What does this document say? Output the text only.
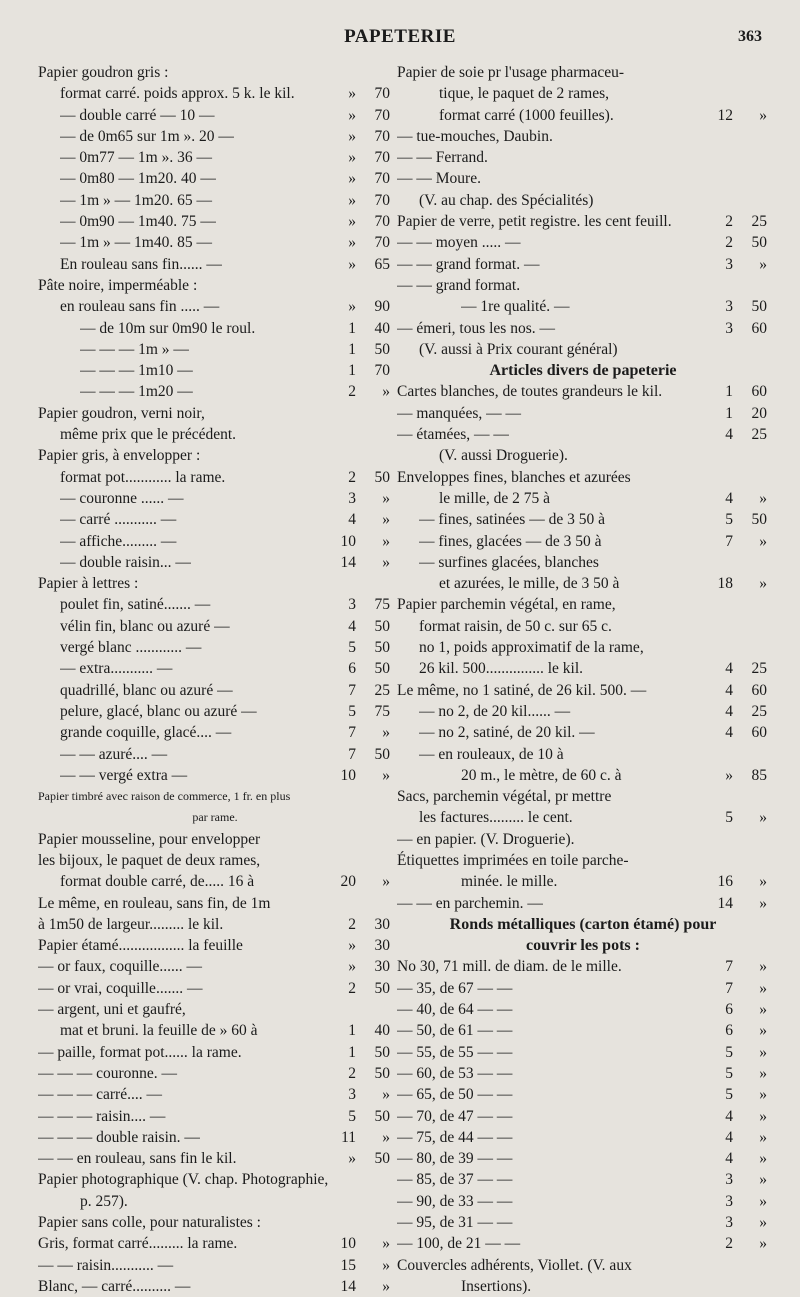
PAPETERIE	363
Papier goudron gris :
format carré. poids approx. 5 k. le kil.	»	70
— double carré — 10 —	»	70
— de 0m65 sur 1m ». 20 —	»	70
— 0m77 — 1m ». 36 —	»	70
— 0m80 — 1m20. 40 —	»	70
— 1m » — 1m20. 65 —	»	70
— 0m90 — 1m40. 75 —	»	70
— 1m » — 1m40. 85 —	»	70
En rouleau sans fin...... —	»	65
Pâte noire, imperméable :
en rouleau sans fin ..... —	»	90
— de 10m sur 0m90 le roul.	1	40
— — — 1m » —	1	50
— — — 1m10 —	1	70
— — — 1m20 —	2	»
Papier goudron, verni noir,
même prix que le précédent.
Papier gris, à envelopper :
format pot............ la rame.	2	50
— couronne ...... —	3	»
— carré ........... —	4	»
— affiche......... —	10	»
— double raisin... —	14	»
Papier à lettres :
poulet fin, satiné....... —	3	75
vélin fin, blanc ou azuré —	4	50
vergé blanc ............ —	5	50
— extra........... —	6	50
quadrillé, blanc ou azuré —	7	25
pelure, glacé, blanc ou azuré —	5	75
grande coquille, glacé.... —	7	»
— — azuré.... —	7	50
— — vergé extra —	10	»
Papier timbré avec raison de commerce, 1 fr. en plus
par rame.
Papier mousseline, pour envelopper
les bijoux, le paquet de deux rames,
format double carré, de..... 16 à	20	»
Le même, en rouleau, sans fin, de 1m
à 1m50 de largeur......... le kil.	2	30
Papier étamé................. la feuille	»	30
— or faux, coquille...... —	»	30
— or vrai, coquille....... —	2	50
— argent, uni et gaufré,
mat et bruni. la feuille de » 60 à	1	40
— paille, format pot...... la rame.	1	50
— — — couronne. —	2	50
— — — carré.... —	3	»
— — — raisin.... —	5	50
— — — double raisin. —	11	»
— — en rouleau, sans fin le kil.	»	50
Papier photographique (V. chap. Photographie,
p. 257).
Papier sans colle, pour naturalistes :
Gris, format carré......... la rame.	10	»
— — raisin........... —	15	»
Blanc, — carré.......... —	14	»
Papier de soie pr l'usage pharmaceu-
tique, le paquet de 2 rames,
format carré (1000 feuilles).	12	»
— tue-mouches, Daubin.
— — Ferrand.
— — Moure.
(V. au chap. des Spécialités)
Papier de verre, petit registre. les cent feuill.	2	25
— — moyen ..... —	2	50
— — grand format. —	3	»
— — grand format.
— 1re qualité. —	3	50
— émeri, tous les nos. —	3	60
(V. aussi à Prix courant général)
Articles divers de papeterie
Cartes blanches, de toutes grandeurs le kil.	1	60
— manquées, — —	1	20
— étamées, — —	4	25
(V. aussi Droguerie).
Enveloppes fines, blanches et azurées
le mille, de 2 75 à	4	»
— fines, satinées — de 3 50 à	5	50
— fines, glacées — de 3 50 à	7	»
— surfines glacées, blanches
et azurées, le mille, de 3 50 à	18	»
Papier parchemin végétal, en rame,
format raisin, de 50 c. sur 65 c.
no 1, poids approximatif de la rame,
26 kil. 500............... le kil.	4	25
Le même, no 1 satiné, de 26 kil. 500. —	4	60
— no 2, de 20 kil...... —	4	25
— no 2, satiné, de 20 kil. —	4	60
— en rouleaux, de 10 à
20 m., le mètre, de 60 c. à	»	85
Sacs, parchemin végétal, pr mettre
les factures......... le cent.	5	»
— en papier. (V. Droguerie).
Étiquettes imprimées en toile parche-
minée. le mille.	16	»
— — en parchemin. —	14	»
Ronds métalliques (carton étamé) pour
couvrir les pots :
No 30, 71 mill. de diam. de le mille.	7	»
— 35, de 67 — —	7	»
— 40, de 64 — —	6	»
— 50, de 61 — —	6	»
— 55, de 55 — —	5	»
— 60, de 53 — —	5	»
— 65, de 50 — —	5	»
— 70, de 47 — —	4	»
— 75, de 44 — —	4	»
— 80, de 39 — —	4	»
— 85, de 37 — —	3	»
— 90, de 33 — —	3	»
— 95, de 31 — —	3	»
— 100, de 21 — —	2	»
Couvercles adhérents, Viollet. (V. aux
Insertions).
